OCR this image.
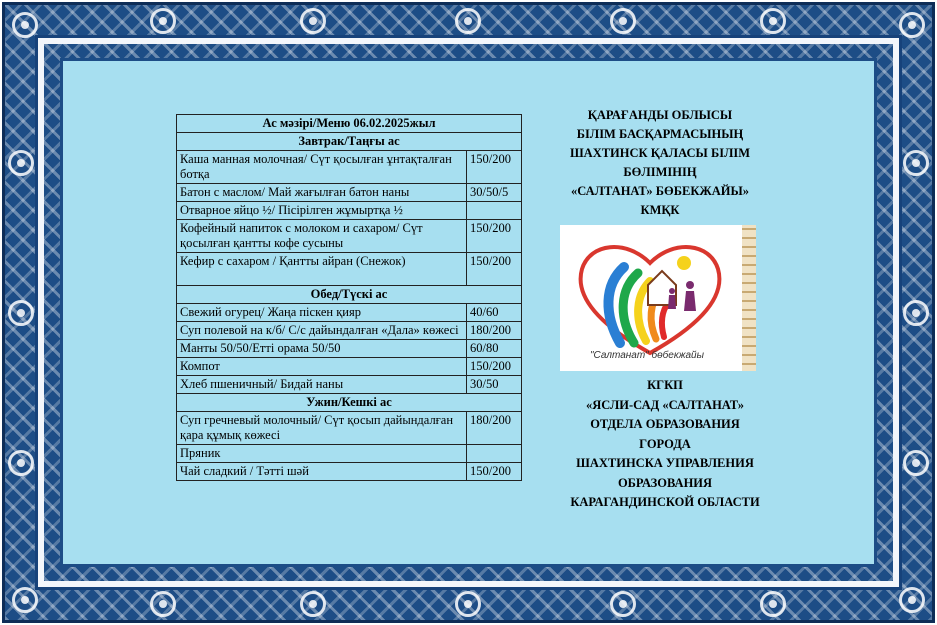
Ас мәзірі/Меню 06.02.2025жыл	
Завтрак/Таңғы ас	
Каша манная молочная/ Сүт қосылған ұнтақталған ботқа	150/200
Батон с маслом/ Май жағылған батон наны	30/50/5
Отварное яйцо ½/ Пісірілген жұмыртқа ½	
Кофейный напиток с молоком и сахаром/ Сүт қосылған қантты кофе сусыны	150/200
Кефир с сахаром / Қантты айран (Снежок)	150/200
Обед/Түскі ас	
Свежий огурец/ Жаңа піскен қияр	40/60
Суп полевой на к/б/ С/с дайындалған «Дала» көжесі	180/200
Манты 50/50/Етті орама 50/50	60/80
Компот	150/200
Хлеб пшеничный/ Бидай наны	30/50
Ужин/Кешкі ас	
Суп гречневый молочный/ Сүт қосып дайындалған қара құмық көжесі	180/200
Пряник	
Чай сладкий / Тәтті шәй	150/200
ҚАРАҒАНДЫ ОБЛЫСЫ
БІЛІМ БАСҚАРМАСЫНЫҢ
ШАХТИНСК ҚАЛАСЫ БІЛІМ
БӨЛІМІНІҢ
«САЛТАНАТ» БӨБЕКЖАЙЫ»
КМҚК
"Салтанат" бөбекжайы
КГКП
«ЯСЛИ-САД «САЛТАНАТ»
ОТДЕЛА ОБРАЗОВАНИЯ
ГОРОДА
ШАХТИНСКА УПРАВЛЕНИЯ
ОБРАЗОВАНИЯ
КАРАГАНДИНСКОЙ ОБЛАСТИ
